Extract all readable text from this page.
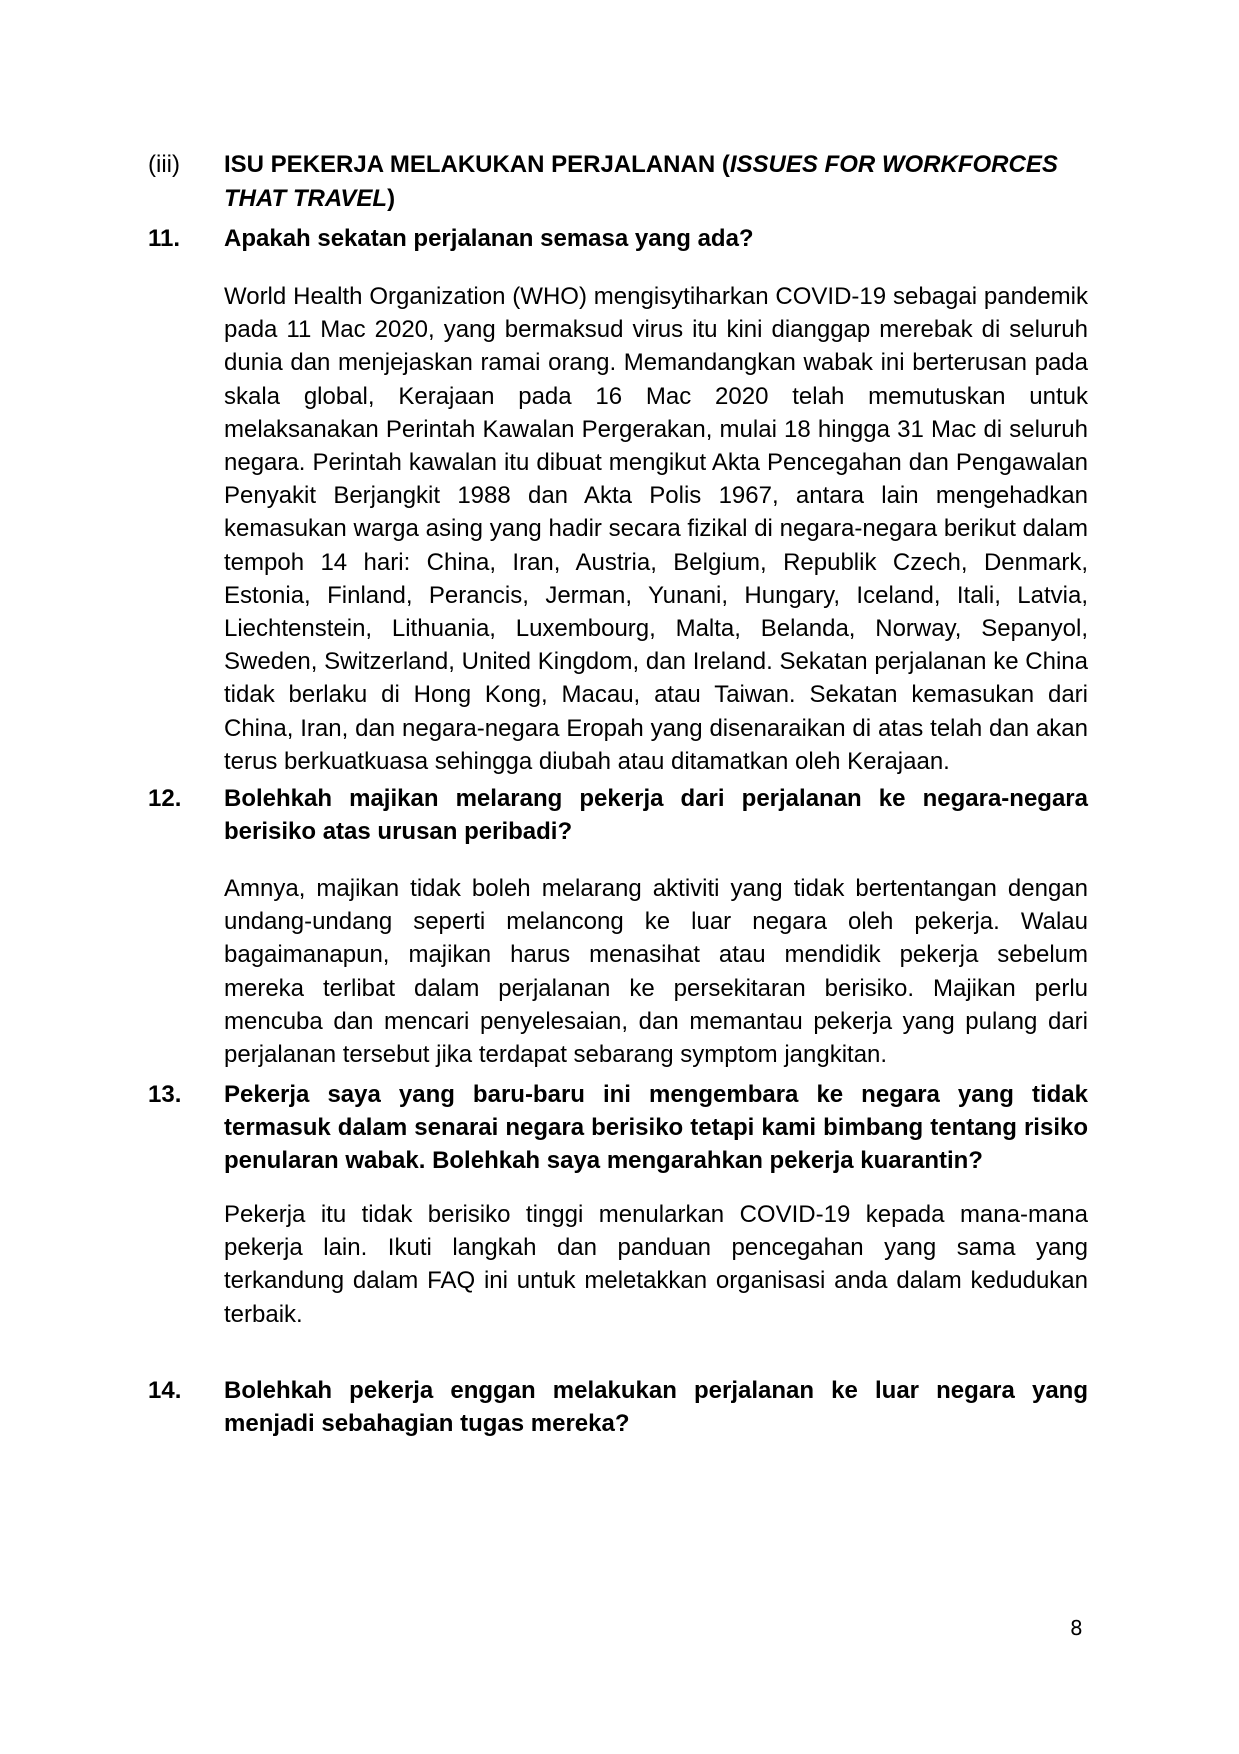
(iii) ISU PEKERJA MELAKUKAN PERJALANAN (ISSUES FOR WORKFORCES THAT TRAVEL)
11. Apakah sekatan perjalanan semasa yang ada?
World Health Organization (WHO) mengisytiharkan COVID-19 sebagai pandemik pada 11 Mac 2020, yang bermaksud virus itu kini dianggap merebak di seluruh dunia dan menjejaskan ramai orang. Memandangkan wabak ini berterusan pada skala global, Kerajaan pada 16 Mac 2020 telah memutuskan untuk melaksanakan Perintah Kawalan Pergerakan, mulai 18 hingga 31 Mac di seluruh negara. Perintah kawalan itu dibuat mengikut Akta Pencegahan dan Pengawalan Penyakit Berjangkit 1988 dan Akta Polis 1967, antara lain mengehadkan kemasukan warga asing yang hadir secara fizikal di negara-negara berikut dalam tempoh 14 hari: China, Iran, Austria, Belgium, Republik Czech, Denmark, Estonia, Finland, Perancis, Jerman, Yunani, Hungary, Iceland, Itali, Latvia, Liechtenstein, Lithuania, Luxembourg, Malta, Belanda, Norway, Sepanyol, Sweden, Switzerland, United Kingdom, dan Ireland. Sekatan perjalanan ke China tidak berlaku di Hong Kong, Macau, atau Taiwan. Sekatan kemasukan dari China, Iran, dan negara-negara Eropah yang disenaraikan di atas telah dan akan terus berkuatkuasa sehingga diubah atau ditamatkan oleh Kerajaan.
12. Bolehkah majikan melarang pekerja dari perjalanan ke negara-negara berisiko atas urusan peribadi?
Amnya, majikan tidak boleh melarang aktiviti yang tidak bertentangan dengan undang-undang seperti melancong ke luar negara oleh pekerja. Walau bagaimanapun, majikan harus menasihat atau mendidik pekerja sebelum mereka terlibat dalam perjalanan ke persekitaran berisiko. Majikan perlu mencuba dan mencari penyelesaian, dan memantau pekerja yang pulang dari perjalanan tersebut jika terdapat sebarang symptom jangkitan.
13. Pekerja saya yang baru-baru ini mengembara ke negara yang tidak termasuk dalam senarai negara berisiko tetapi kami bimbang tentang risiko penularan wabak. Bolehkah saya mengarahkan pekerja kuarantin?
Pekerja itu tidak berisiko tinggi menularkan COVID-19 kepada mana-mana pekerja lain. Ikuti langkah dan panduan pencegahan yang sama yang terkandung dalam FAQ ini untuk meletakkan organisasi anda dalam kedudukan terbaik.
14. Bolehkah pekerja enggan melakukan perjalanan ke luar negara yang menjadi sebahagian tugas mereka?
8
